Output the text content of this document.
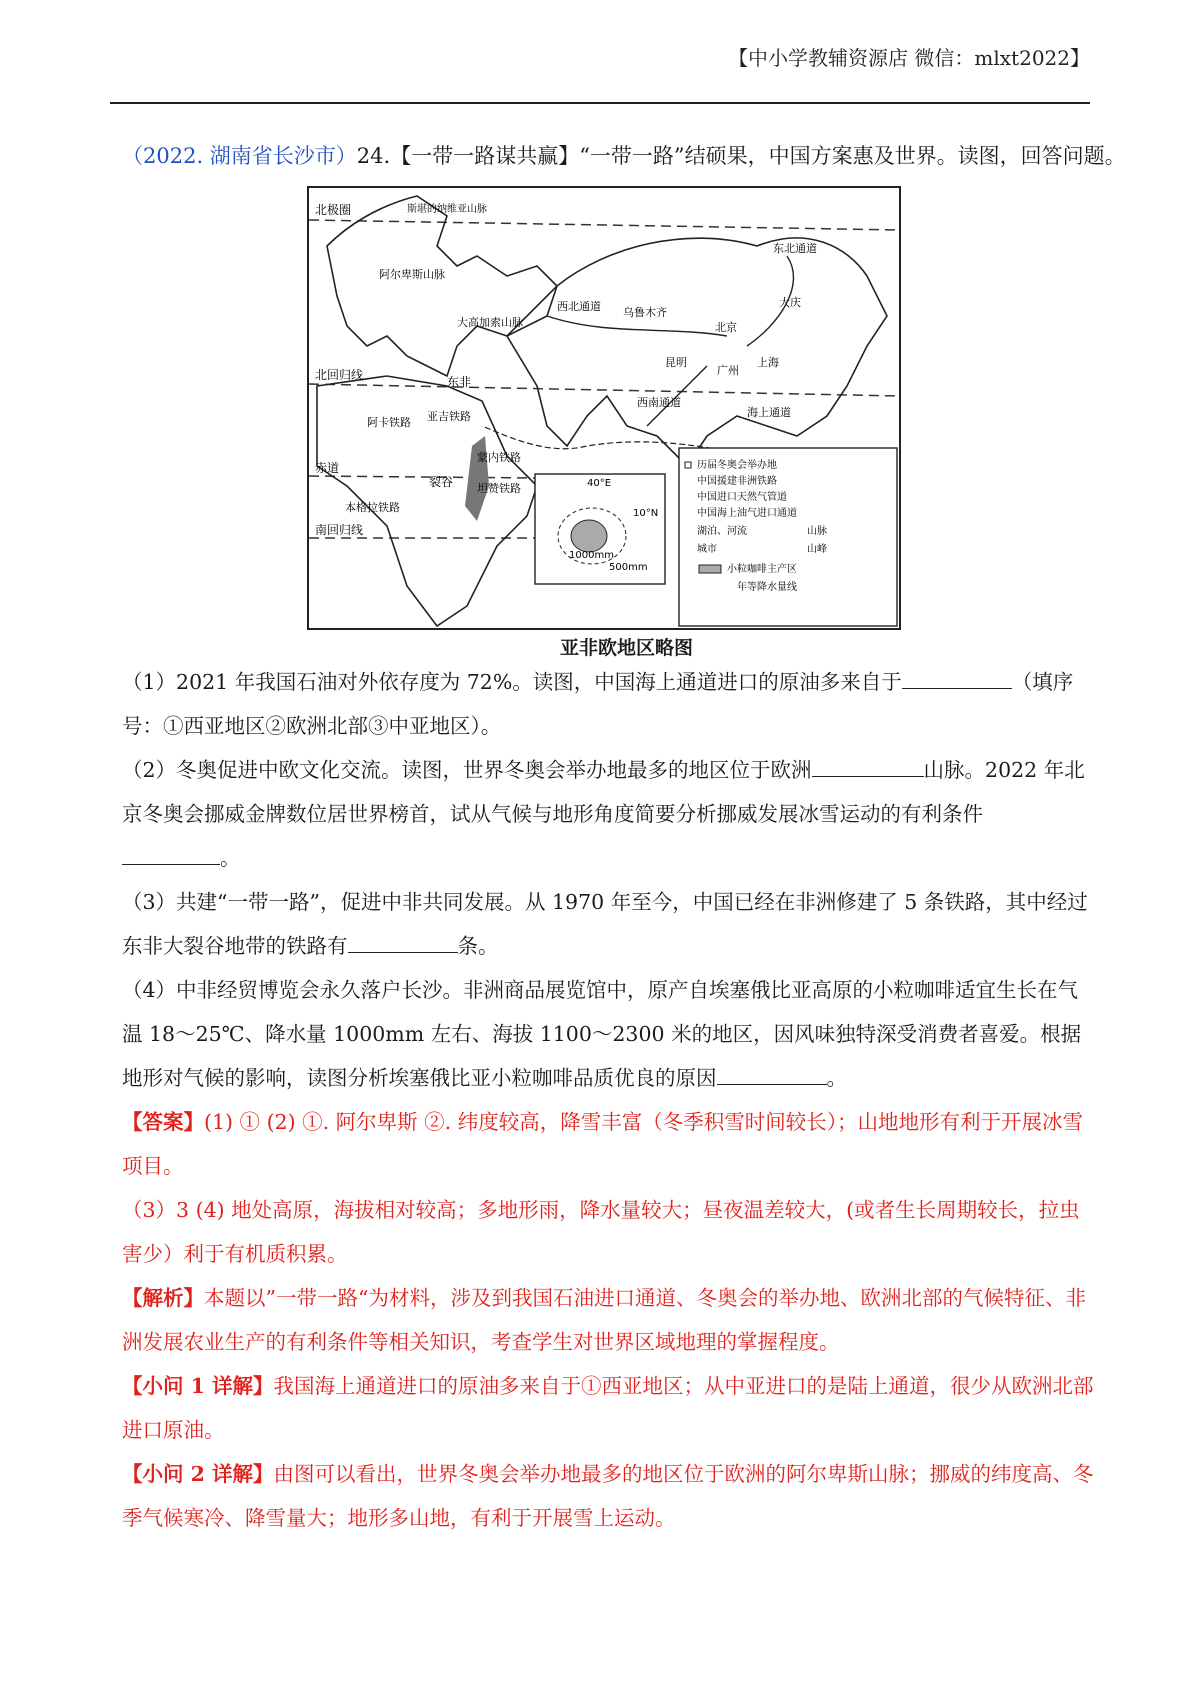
【中小学教辅资源店 微信：mlxt2022】
（2022. 湖南省长沙市）24.【一带一路谋共赢】“一带一路”结硕果，中国方案惠及世界。读图，回答问题。
北极圈
北回归线
赤道
南回归线
斯堪的纳维亚山脉
阿尔卑斯山脉
大高加索山脉
西北通道 乌鲁木齐
东北通道
大庆
北京
上海
昆明
广州
西南通道
海上通道
东非
裂谷
亚吉铁路
阿卡铁路
蒙内铁路
本格拉铁路
坦赞铁路
500mm
1000mm
10°N
40°E
历届冬奥会举办地
中国援建非洲铁路
中国进口天然气管道
中国海上油气进口通道
湖泊、河流	山脉
城市	山峰
小粒咖啡主产区
年等降水量线
亚非欧地区略图

（1）2021 年我国石油对外依存度为 72%。读图，中国海上通道进口的原油多来自于	（填序号：①西亚地区②欧洲北部③中亚地区）。

（2）冬奥促进中欧文化交流。读图，世界冬奥会举办地最多的地区位于欧洲	山脉。2022 年北京冬奥会挪威金牌数位居世界榜首，试从气候与地形角度简要分析挪威发展冰雪运动的有利条件
。

（3）共建“一带一路”，促进中非共同发展。从 1970 年至今，中国已经在非洲修建了 5 条铁路，其中经过东非大裂谷地带的铁路有	条。

（4）中非经贸博览会永久落户长沙。非洲商品展览馆中，原产自埃塞俄比亚高原的小粒咖啡适宜生长在气温 18～25℃、降水量 1000mm 左右、海拔 1100～2300 米的地区，因风味独特深受消费者喜爱。根据地形对气候的影响，读图分析埃塞俄比亚小粒咖啡品质优良的原因	。

【答案】(1) ① (2) ①. 阿尔卑斯 ②. 纬度较高，降雪丰富（冬季积雪时间较长）；山地地形有利于开展冰雪项目。

（3）3 (4) 地处高原，海拔相对较高；多地形雨，降水量较大；昼夜温差较大，(或者生长周期较长，拉虫害少）利于有机质积累。

【解析】本题以”一带一路“为材料，涉及到我国石油进口通道、冬奥会的举办地、欧洲北部的气候特征、非洲发展农业生产的有利条件等相关知识，考查学生对世界区域地理的掌握程度。

【小问 1 详解】我国海上通道进口的原油多来自于①西亚地区；从中亚进口的是陆上通道，很少从欧洲北部进口原油。

【小问 2 详解】由图可以看出，世界冬奥会举办地最多的地区位于欧洲的阿尔卑斯山脉；挪威的纬度高、冬季气候寒冷、降雪量大；地形多山地，有利于开展雪上运动。
